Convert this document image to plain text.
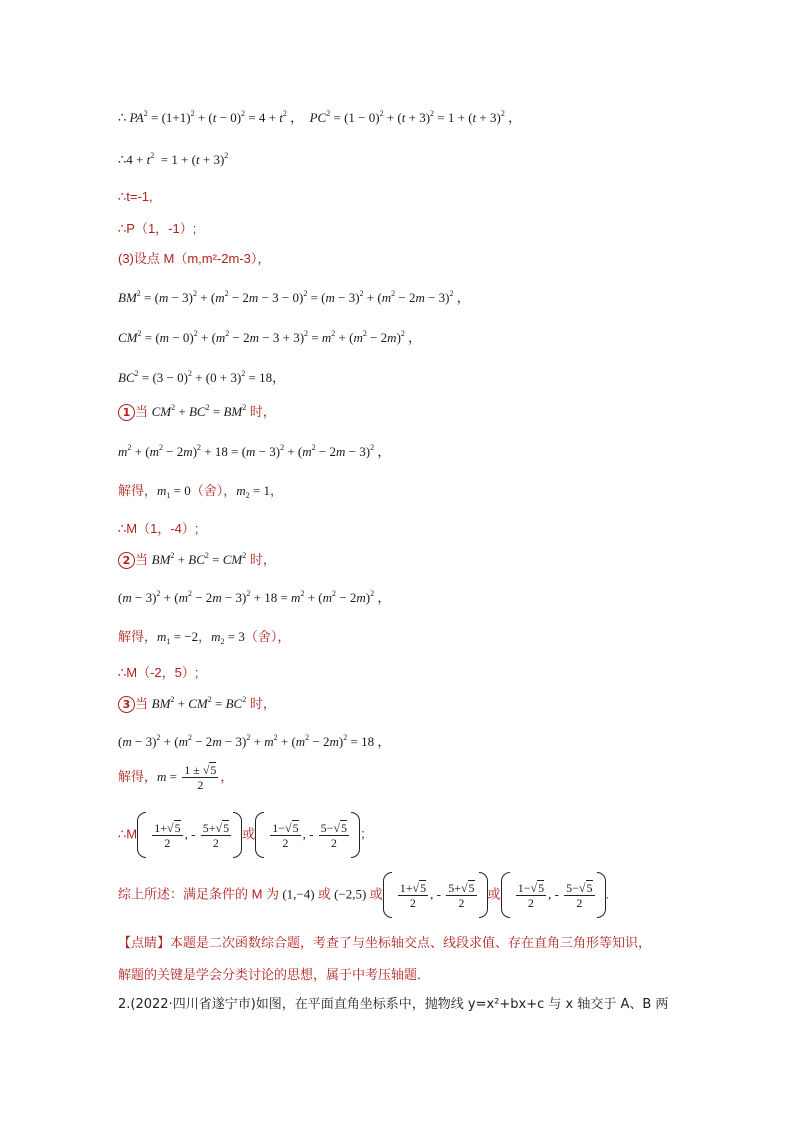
∴ $PA^2 = (1+1)^2 + (t - 0)^2 = 4 + t^2$ ，  $PC^2 = (1 - 0)^2 + (t + 3)^2 = 1 + (t + 3)^2$ ，
∴4 + $t^2 = 1 + (t + 3)^2$
∴t=-1,
∴P（1，-1）;
(3)设点 M（m,m²-2m-3），
$BM^2 = (m - 3)^2 + (m^2 - 2m - 3 - 0)^2 = (m - 3)^2 + (m^2 - 2m - 3)^2$ ，
$CM^2 = (m - 0)^2 + (m^2 - 2m - 3 + 3)^2 = m^2 + (m^2 - 2m)^2$ ，
$BC^2 = (3 - 0)^2 + (0 + 3)^2 = 18$，
1 当 $CM^2 + BC^2 = BM^2$ 时，
$m^2 + (m^2 - 2m)^2 + 18 = (m - 3)^2 + (m^2 - 2m - 3)^2$ ，
解得，$m_1 = 0$（舍），$m_2 = 1$，
∴M（1，-4）;
2 当 $BM^2 + BC^2 = CM^2$ 时，
$(m - 3)^2 + (m^2 - 2m - 3)^2 + 18 = m^2 + (m^2 - 2m)^2$ ，
解得，$m_1 = -2$，$m_2 = 3$（舍），
∴M（-2，5）;
3 当 $BM^2 + CM^2 = BC^2$ 时，
$(m - 3)^2 + (m^2 - 2m - 3)^2 + m^2 + (m^2 - 2m)^2 = 18$ ，
解得，$m = \frac{1 \pm √5}{2}$ ，
∴M $\frac{1+√5}{2}$ , - $\frac{5+√5}{2}$ 或 $\frac{1-√5}{2}$ , - $\frac{5-√5}{2}$ ；
综上所述：满足条件的 M 为 (1,−4) 或 (−2,5) 或 $\frac{1+√5}{2}$ , - $\frac{5+√5}{2}$ 或 $\frac{1-√5}{2}$ , - $\frac{5-√5}{2}$ .
【点睛】本题是二次函数综合题，考查了与坐标轴交点、线段求值、存在直角三角形等知识，
解题的关键是学会分类讨论的思想，属于中考压轴题．
2.(2022·四川省遂宁市)如图，在平面直角坐标系中，抛物线 y=x²+bx+c 与 x 轴交于 A、B 两
